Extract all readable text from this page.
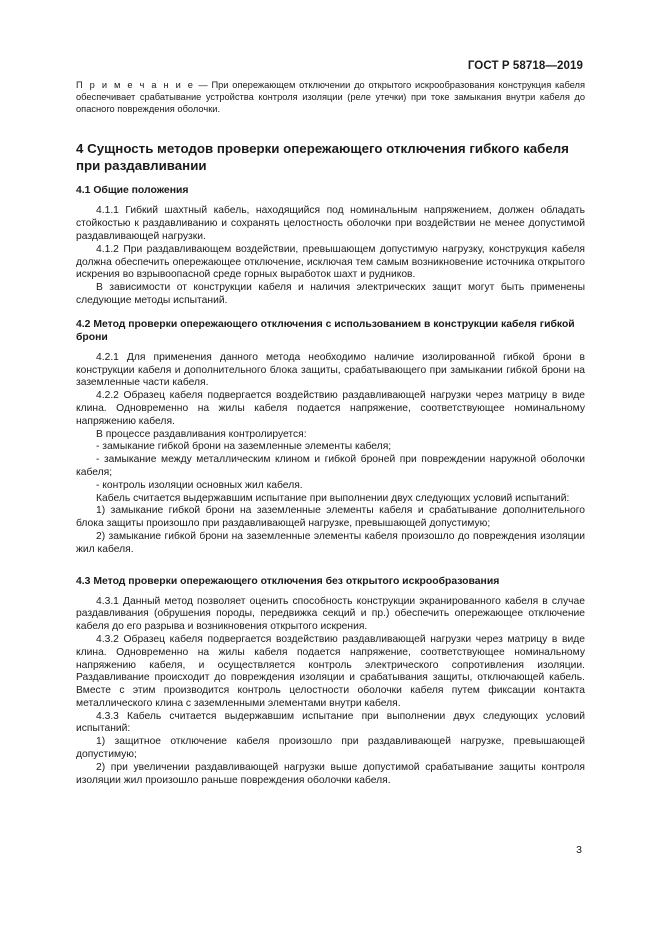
ГОСТ Р 58718—2019

П р и м е ч а н и е — При опережающем отключении до открытого искрообразования конструкция кабеля обеспечивает срабатывание устройства контроля изоляции (реле утечки) при токе замыкания внутри кабеля до опасного повреждения оболочки.

4 Сущность методов проверки опережающего отключения гибкого кабеля при раздавливании
4.1 Общие положения

4.1.1 Гибкий шахтный кабель, находящийся под номинальным напряжением, должен обладать стойкостью к раздавливанию и сохранять целостность оболочки при воздействии не менее допустимой раздавливающей нагрузки.

4.1.2 При раздавливающем воздействии, превышающем допустимую нагрузку, конструкция кабеля должна обеспечить опережающее отключение, исключая тем самым возникновение источника открытого искрения во взрывоопасной среде горных выработок шахт и рудников.

В зависимости от конструкции кабеля и наличия электрических защит могут быть применены следующие методы испытаний.

4.2 Метод проверки опережающего отключения с использованием в конструкции кабеля гибкой брони

4.2.1 Для применения данного метода необходимо наличие изолированной гибкой брони в конструкции кабеля и дополнительного блока защиты, срабатывающего при замыкании гибкой брони на заземленные части кабеля.

4.2.2 Образец кабеля подвергается воздействию раздавливающей нагрузки через матрицу в виде клина. Одновременно на жилы кабеля подается напряжение, соответствующее номинальному напряжению кабеля.

В процессе раздавливания контролируется:

- замыкание гибкой брони на заземленные элементы кабеля;

- замыкание между металлическим клином и гибкой броней при повреждении наружной оболочки кабеля;

- контроль изоляции основных жил кабеля.

Кабель считается выдержавшим испытание при выполнении двух следующих условий испытаний:

1) замыкание гибкой брони на заземленные элементы кабеля и срабатывание дополнительного блока защиты произошло при раздавливающей нагрузке, превышающей допустимую;

2) замыкание гибкой брони на заземленные элементы кабеля произошло до повреждения изоляции жил кабеля.

4.3 Метод проверки опережающего отключения без открытого искрообразования

4.3.1 Данный метод позволяет оценить способность конструкции экранированного кабеля в случае раздавливания (обрушения породы, передвижка секций и пр.) обеспечить опережающее отключение кабеля до его разрыва и возникновения открытого искрения.

4.3.2 Образец кабеля подвергается воздействию раздавливающей нагрузки через матрицу в виде клина. Одновременно на жилы кабеля подается напряжение, соответствующее номинальному напряжению кабеля, и осуществляется контроль электрического сопротивления изоляции. Раздавливание происходит до повреждения изоляции и срабатывания защиты, отключающей кабель. Вместе с этим производится контроль целостности оболочки кабеля путем фиксации контакта металлического клина с заземленными элементами внутри кабеля.

4.3.3 Кабель считается выдержавшим испытание при выполнении двух следующих условий испытаний:

1) защитное отключение кабеля произошло при раздавливающей нагрузке, превышающей допустимую;

2) при увеличении раздавливающей нагрузки выше допустимой срабатывание защиты контроля изоляции жил произошло раньше повреждения оболочки кабеля.

3
